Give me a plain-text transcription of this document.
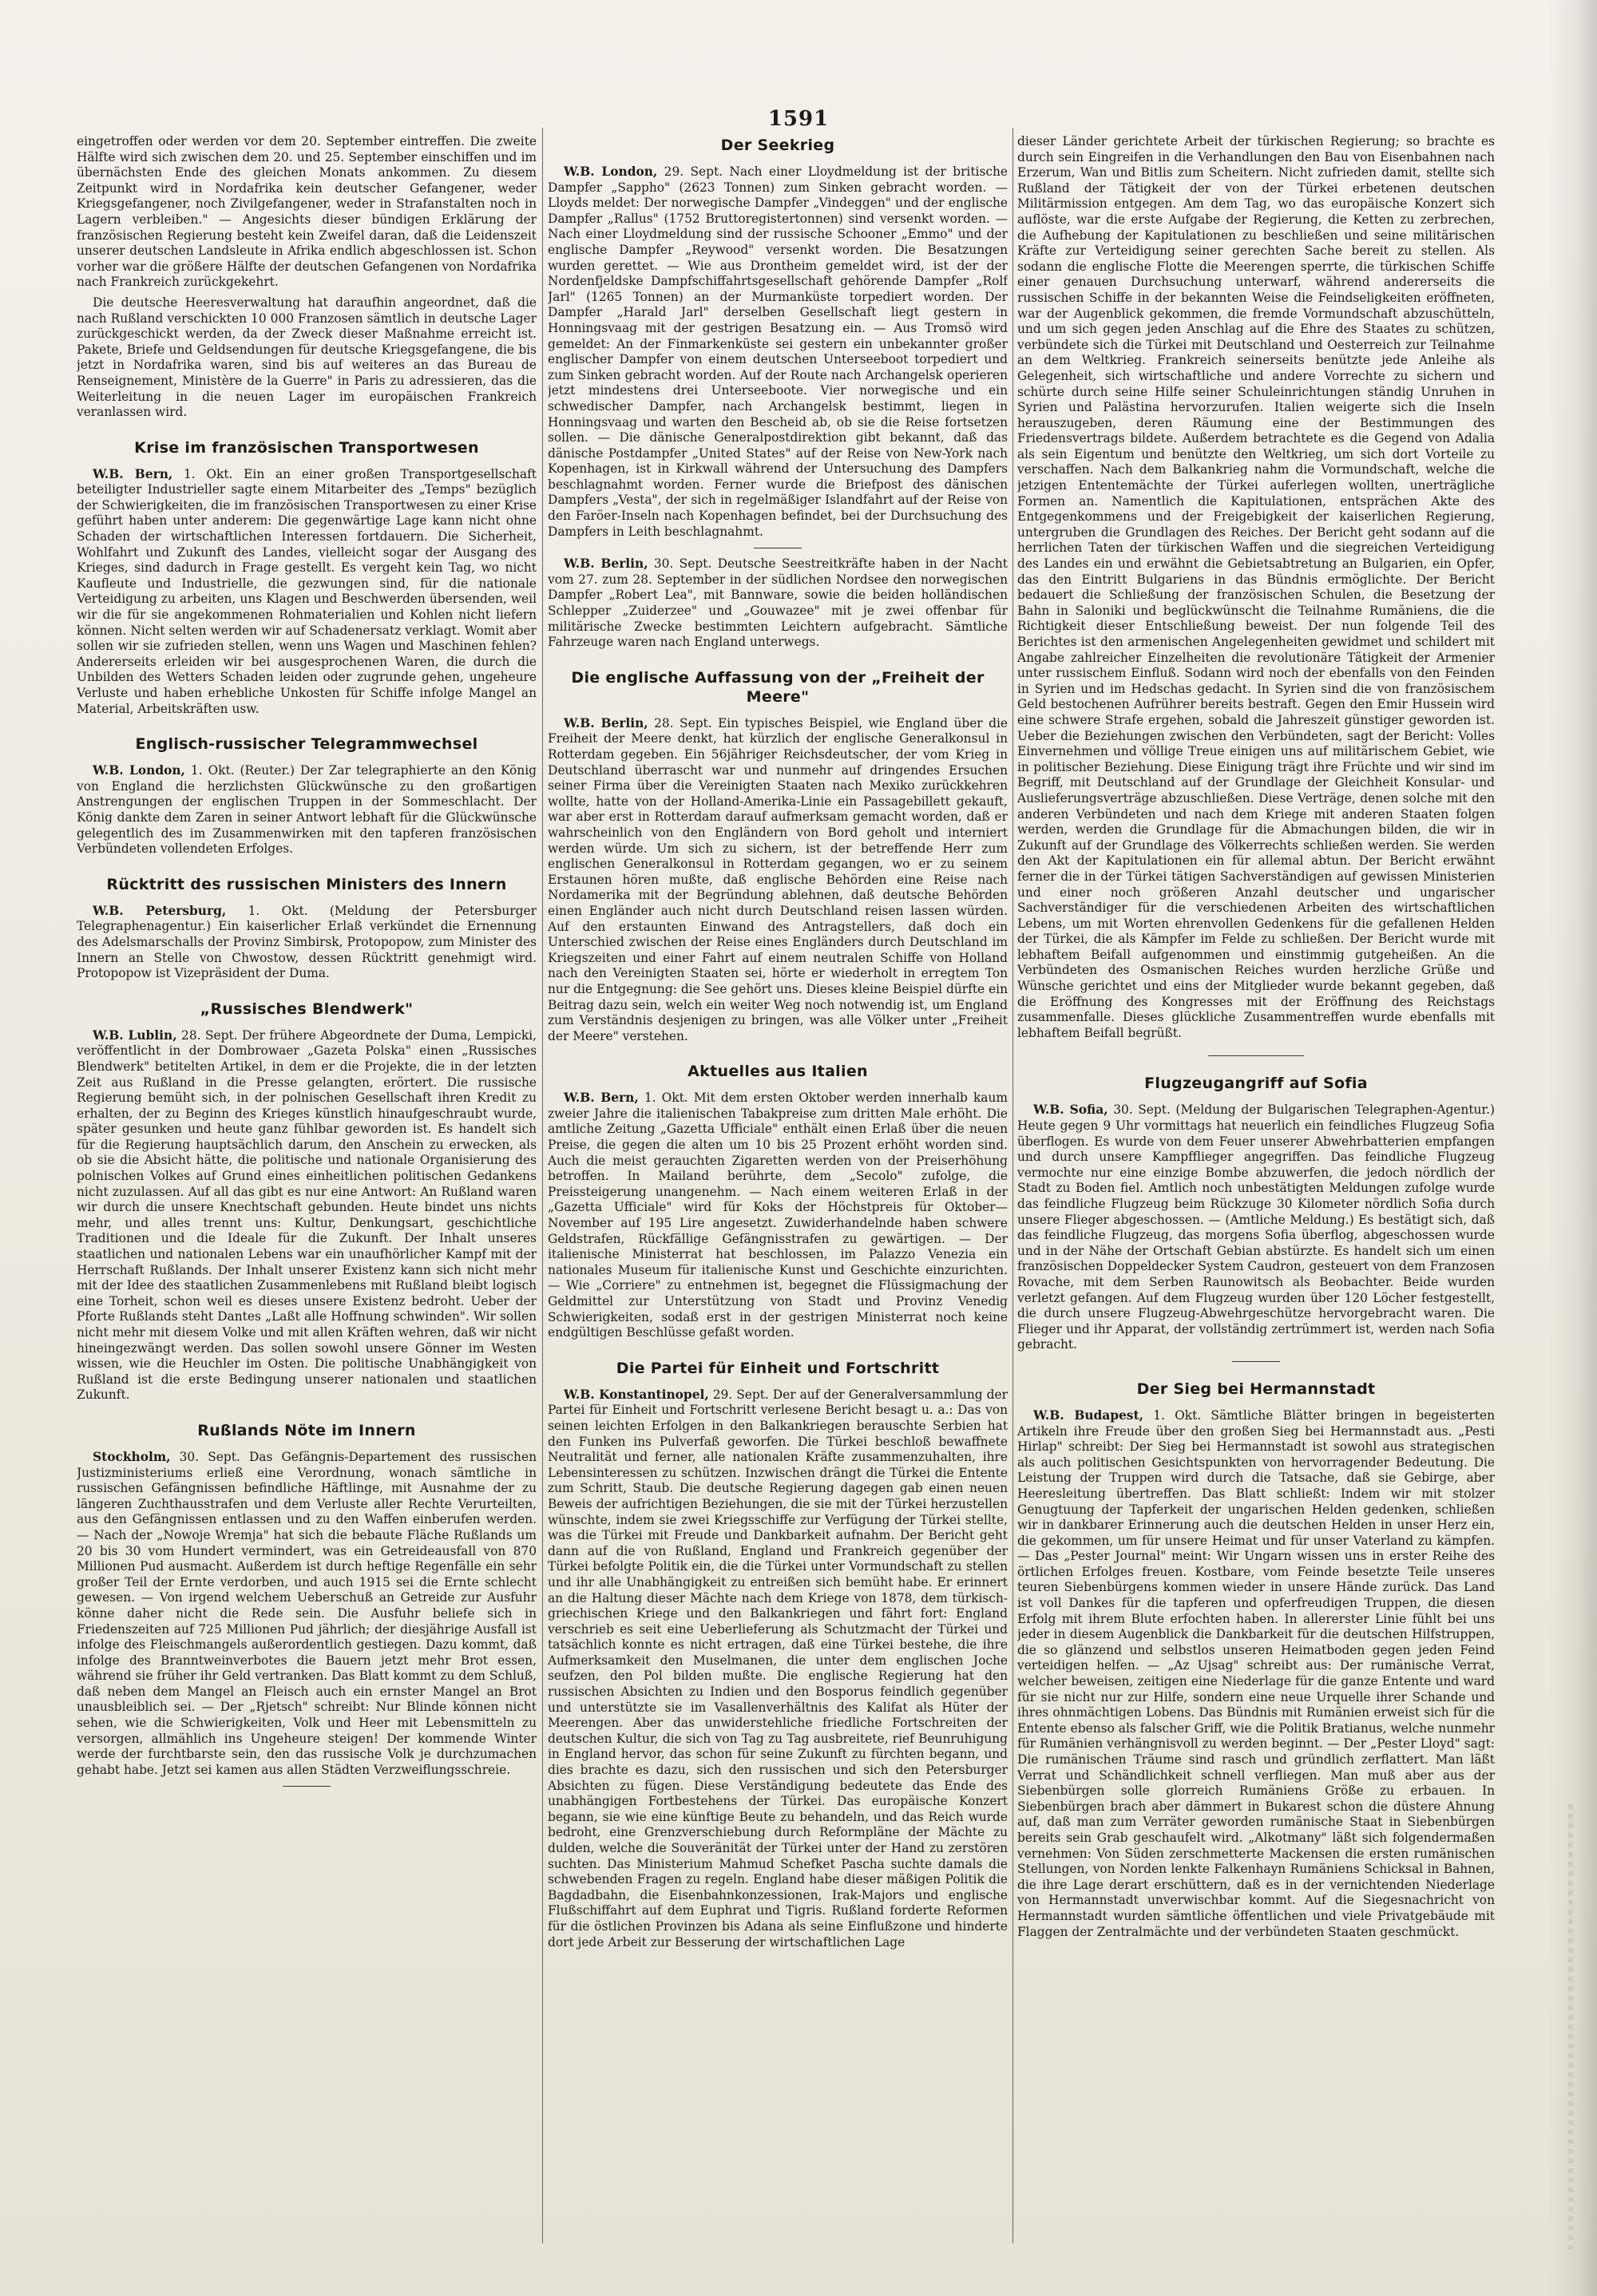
1591

eingetroffen oder werden vor dem 20. September eintreffen. Die zweite Hälfte wird sich zwischen dem 20. und 25. September einschiffen und im übernächsten Ende des gleichen Monats ankommen. Zu diesem Zeitpunkt wird in Nordafrika kein deutscher Gefangener, weder Kriegsgefangener, noch Zivilgefangener, weder in Strafanstalten noch in Lagern verbleiben." — Angesichts dieser bündigen Erklärung der französischen Regierung besteht kein Zweifel daran, daß die Leidenszeit unserer deutschen Landsleute in Afrika endlich abgeschlossen ist. Schon vorher war die größere Hälfte der deutschen Gefangenen von Nordafrika nach Frankreich zurückgekehrt.

Die deutsche Heeresverwaltung hat daraufhin angeordnet, daß die nach Rußland verschickten 10 000 Franzosen sämtlich in deutsche Lager zurückgeschickt werden, da der Zweck dieser Maßnahme erreicht ist. Pakete, Briefe und Geldsendungen für deutsche Kriegsgefangene, die bis jetzt in Nordafrika waren, sind bis auf weiteres an das Bureau de Renseignement, Ministère de la Guerre" in Paris zu adressieren, das die Weiterleitung in die neuen Lager im europäischen Frankreich veranlassen wird.

Krise im französischen Transportwesen

W.B. Bern, 1. Okt. Ein an einer großen Transportgesellschaft beteiligter Industrieller sagte einem Mitarbeiter des „Temps" bezüglich der Schwierigkeiten, die im französischen Transportwesen zu einer Krise geführt haben unter anderem: Die gegenwärtige Lage kann nicht ohne Schaden der wirtschaftlichen Interessen fortdauern. Die Sicherheit, Wohlfahrt und Zukunft des Landes, vielleicht sogar der Ausgang des Krieges, sind dadurch in Frage gestellt. Es vergeht kein Tag, wo nicht Kaufleute und Industrielle, die gezwungen sind, für die nationale Verteidigung zu arbeiten, uns Klagen und Beschwerden übersenden, weil wir die für sie angekommenen Rohmaterialien und Kohlen nicht liefern können. Nicht selten werden wir auf Schadenersatz verklagt. Womit aber sollen wir sie zufrieden stellen, wenn uns Wagen und Maschinen fehlen? Andererseits erleiden wir bei ausgesprochenen Waren, die durch die Unbilden des Wetters Schaden leiden oder zugrunde gehen, ungeheure Verluste und haben erhebliche Unkosten für Schiffe infolge Mangel an Material, Arbeitskräften usw.

Englisch-russischer Telegrammwechsel

W.B. London, 1. Okt. (Reuter.) Der Zar telegraphierte an den König von England die herzlichsten Glückwünsche zu den großartigen Anstrengungen der englischen Truppen in der Sommeschlacht. Der König dankte dem Zaren in seiner Antwort lebhaft für die Glückwünsche gelegentlich des im Zusammenwirken mit den tapferen französischen Verbündeten vollendeten Erfolges.

Rücktritt des russischen Ministers des Innern

W.B. Petersburg, 1. Okt. (Meldung der Petersburger Telegraphenagentur.) Ein kaiserlicher Erlaß verkündet die Ernennung des Adelsmarschalls der Provinz Simbirsk, Protopopow, zum Minister des Innern an Stelle von Chwostow, dessen Rücktritt genehmigt wird. Protopopow ist Vizepräsident der Duma.

„Russisches Blendwerk"

W.B. Lublin, 28. Sept. Der frühere Abgeordnete der Duma, Lempicki, veröffentlicht in der Dombrowaer „Gazeta Polska" einen „Russisches Blendwerk" betitelten Artikel, in dem er die Projekte, die in der letzten Zeit aus Rußland in die Presse gelangten, erörtert. Die russische Regierung bemüht sich, in der polnischen Gesellschaft ihren Kredit zu erhalten, der zu Beginn des Krieges künstlich hinaufgeschraubt wurde, später gesunken und heute ganz fühlbar geworden ist. Es handelt sich für die Regierung hauptsächlich darum, den Anschein zu erwecken, als ob sie die Absicht hätte, die politische und nationale Organisierung des polnischen Volkes auf Grund eines einheitlichen politischen Gedankens nicht zuzulassen. Auf all das gibt es nur eine Antwort: An Rußland waren wir durch die unsere Knechtschaft gebunden. Heute bindet uns nichts mehr, und alles trennt uns: Kultur, Denkungsart, geschichtliche Traditionen und die Ideale für die Zukunft. Der Inhalt unseres staatlichen und nationalen Lebens war ein unaufhörlicher Kampf mit der Herrschaft Rußlands. Der Inhalt unserer Existenz kann sich nicht mehr mit der Idee des staatlichen Zusammenlebens mit Rußland bleibt logisch eine Torheit, schon weil es dieses unsere Existenz bedroht. Ueber der Pforte Rußlands steht Dantes „Laßt alle Hoffnung schwinden". Wir sollen nicht mehr mit diesem Volke und mit allen Kräften wehren, daß wir nicht hineingezwängt werden. Das sollen sowohl unsere Gönner im Westen wissen, wie die Heuchler im Osten. Die politische Unabhängigkeit von Rußland ist die erste Bedingung unserer nationalen und staatlichen Zukunft.

Rußlands Nöte im Innern

Stockholm, 30. Sept. Das Gefängnis-Departement des russischen Justizministeriums erließ eine Verordnung, wonach sämtliche in russischen Gefängnissen befindliche Häftlinge, mit Ausnahme der zu längeren Zuchthausstrafen und dem Verluste aller Rechte Verurteilten, aus den Gefängnissen entlassen und zu den Waffen einberufen werden. — Nach der „Nowoje Wremja" hat sich die bebaute Fläche Rußlands um 20 bis 30 vom Hundert vermindert, was ein Getreideausfall von 870 Millionen Pud ausmacht. Außerdem ist durch heftige Regenfälle ein sehr großer Teil der Ernte verdorben, und auch 1915 sei die Ernte schlecht gewesen. — Von irgend welchem Ueberschuß an Getreide zur Ausfuhr könne daher nicht die Rede sein. Die Ausfuhr beliefe sich in Friedenszeiten auf 725 Millionen Pud jährlich; der diesjährige Ausfall ist infolge des Fleischmangels außerordentlich gestiegen. Dazu kommt, daß infolge des Branntweinverbotes die Bauern jetzt mehr Brot essen, während sie früher ihr Geld vertranken. Das Blatt kommt zu dem Schluß, daß neben dem Mangel an Fleisch auch ein ernster Mangel an Brot unausbleiblich sei. — Der „Rjetsch" schreibt: Nur Blinde können nicht sehen, wie die Schwierigkeiten, Volk und Heer mit Lebensmitteln zu versorgen, allmählich ins Ungeheure steigen! Der kommende Winter werde der furchtbarste sein, den das russische Volk je durchzumachen gehabt habe. Jetzt sei kamen aus allen Städten Verzweiflungsschreie.

Der Seekrieg

W.B. London, 29. Sept. Nach einer Lloydmeldung ist der britische Dampfer „Sappho" (2623 Tonnen) zum Sinken gebracht worden. — Lloyds meldet: Der norwegische Dampfer „Vindeggen" und der englische Dampfer „Rallus" (1752 Bruttoregistertonnen) sind versenkt worden. — Nach einer Lloydmeldung sind der russische Schooner „Emmo" und der englische Dampfer „Reywood" versenkt worden. Die Besatzungen wurden gerettet. — Wie aus Drontheim gemeldet wird, ist der der Nordenfjeldske Dampfschiffahrtsgesellschaft gehörende Dampfer „Rolf Jarl" (1265 Tonnen) an der Murmanküste torpediert worden. Der Dampfer „Harald Jarl" derselben Gesellschaft liegt gestern in Honningsvaag mit der gestrigen Besatzung ein. — Aus Tromsö wird gemeldet: An der Finmarkenküste sei gestern ein unbekannter großer englischer Dampfer von einem deutschen Unterseeboot torpediert und zum Sinken gebracht worden. Auf der Route nach Archangelsk operieren jetzt mindestens drei Unterseeboote. Vier norwegische und ein schwedischer Dampfer, nach Archangelsk bestimmt, liegen in Honningsvaag und warten den Bescheid ab, ob sie die Reise fortsetzen sollen. — Die dänische Generalpostdirektion gibt bekannt, daß das dänische Postdampfer „United States" auf der Reise von New-York nach Kopenhagen, ist in Kirkwall während der Untersuchung des Dampfers beschlagnahmt worden. Ferner wurde die Briefpost des dänischen Dampfers „Vesta", der sich in regelmäßiger Islandfahrt auf der Reise von den Faröer-Inseln nach Kopenhagen befindet, bei der Durchsuchung des Dampfers in Leith beschlagnahmt.

W.B. Berlin, 30. Sept. Deutsche Seestreitkräfte haben in der Nacht vom 27. zum 28. September in der südlichen Nordsee den norwegischen Dampfer „Robert Lea", mit Bannware, sowie die beiden holländischen Schlepper „Zuiderzee" und „Gouwazee" mit je zwei offenbar für militärische Zwecke bestimmten Leichtern aufgebracht. Sämtliche Fahrzeuge waren nach England unterwegs.

Die englische Auffassung von der „Freiheit der Meere"

W.B. Berlin, 28. Sept. Ein typisches Beispiel, wie England über die Freiheit der Meere denkt, hat kürzlich der englische Generalkonsul in Rotterdam gegeben. Ein 56jähriger Reichsdeutscher, der vom Krieg in Deutschland überrascht war und nunmehr auf dringendes Ersuchen seiner Firma über die Vereinigten Staaten nach Mexiko zurückkehren wollte, hatte von der Holland-Amerika-Linie ein Passagebillett gekauft, war aber erst in Rotterdam darauf aufmerksam gemacht worden, daß er wahrscheinlich von den Engländern von Bord geholt und interniert werden würde. Um sich zu sichern, ist der betreffende Herr zum englischen Generalkonsul in Rotterdam gegangen, wo er zu seinem Erstaunen hören mußte, daß englische Behörden eine Reise nach Nordamerika mit der Begründung ablehnen, daß deutsche Behörden einen Engländer auch nicht durch Deutschland reisen lassen würden. Auf den erstaunten Einwand des Antragstellers, daß doch ein Unterschied zwischen der Reise eines Engländers durch Deutschland im Kriegszeiten und einer Fahrt auf einem neutralen Schiffe von Holland nach den Vereinigten Staaten sei, hörte er wiederholt in erregtem Ton nur die Entgegnung: die See gehört uns. Dieses kleine Beispiel dürfte ein Beitrag dazu sein, welch ein weiter Weg noch notwendig ist, um England zum Verständnis desjenigen zu bringen, was alle Völker unter „Freiheit der Meere" verstehen.

Aktuelles aus Italien

W.B. Bern, 1. Okt. Mit dem ersten Oktober werden innerhalb kaum zweier Jahre die italienischen Tabakpreise zum dritten Male erhöht. Die amtliche Zeitung „Gazetta Ufficiale" enthält einen Erlaß über die neuen Preise, die gegen die alten um 10 bis 25 Prozent erhöht worden sind. Auch die meist gerauchten Zigaretten werden von der Preiserhöhung betroffen. In Mailand berührte, dem „Secolo" zufolge, die Preissteigerung unangenehm. — Nach einem weiteren Erlaß in der „Gazetta Ufficiale" wird für Koks der Höchstpreis für Oktober—November auf 195 Lire angesetzt. Zuwiderhandelnde haben schwere Geldstrafen, Rückfällige Gefängnisstrafen zu gewärtigen. — Der italienische Ministerrat hat beschlossen, im Palazzo Venezia ein nationales Museum für italienische Kunst und Geschichte einzurichten. — Wie „Corriere" zu entnehmen ist, begegnet die Flüssigmachung der Geldmittel zur Unterstützung von Stadt und Provinz Venedig Schwierigkeiten, sodaß erst in der gestrigen Ministerrat noch keine endgültigen Beschlüsse gefaßt worden.

Die Partei für Einheit und Fortschritt

W.B. Konstantinopel, 29. Sept. Der auf der Generalversammlung der Partei für Einheit und Fortschritt verlesene Bericht besagt u. a.: Das von seinen leichten Erfolgen in den Balkankriegen berauschte Serbien hat den Funken ins Pulverfaß geworfen. Die Türkei beschloß bewaffnete Neutralität und ferner, alle nationalen Kräfte zusammenzuhalten, ihre Lebensinteressen zu schützen. Inzwischen drängt die Türkei die Entente zum Schritt, Staub. Die deutsche Regierung dagegen gab einen neuen Beweis der aufrichtigen Beziehungen, die sie mit der Türkei herzustellen wünschte, indem sie zwei Kriegsschiffe zur Verfügung der Türkei stellte, was die Türkei mit Freude und Dankbarkeit aufnahm. Der Bericht geht dann auf die von Rußland, England und Frankreich gegenüber der Türkei befolgte Politik ein, die die Türkei unter Vormundschaft zu stellen und ihr alle Unabhängigkeit zu entreißen sich bemüht habe. Er erinnert an die Haltung dieser Mächte nach dem Kriege von 1878, dem türkisch-griechischen Kriege und den Balkankriegen und fährt fort: England verschrieb es seit eine Ueberlieferung als Schutzmacht der Türkei und tatsächlich konnte es nicht ertragen, daß eine Türkei bestehe, die ihre Aufmerksamkeit den Muselmanen, die unter dem englischen Joche seufzen, den Pol bilden mußte. Die englische Regierung hat den russischen Absichten zu Indien und den Bosporus feindlich gegenüber und unterstützte sie im Vasallenverhältnis des Kalifat als Hüter der Meerengen. Aber das unwiderstehliche friedliche Fortschreiten der deutschen Kultur, die sich von Tag zu Tag ausbreitete, rief Beunruhigung in England hervor, das schon für seine Zukunft zu fürchten begann, und dies brachte es dazu, sich den russischen und sich den Petersburger Absichten zu fügen. Diese Verständigung bedeutete das Ende des unabhängigen Fortbestehens der Türkei. Das europäische Konzert begann, sie wie eine künftige Beute zu behandeln, und das Reich wurde bedroht, eine Grenzverschiebung durch Reformpläne der Mächte zu dulden, welche die Souveränität der Türkei unter der Hand zu zerstören suchten. Das Ministerium Mahmud Schefket Pascha suchte damals die schwebenden Fragen zu regeln. England habe dieser mäßigen Politik die Bagdadbahn, die Eisenbahnkonzessionen, Irak-Majors und englische Flußschiffahrt auf dem Euphrat und Tigris. Rußland forderte Reformen für die östlichen Provinzen bis Adana als seine Einflußzone und hinderte dort jede Arbeit zur Besserung der wirtschaftlichen Lage

dieser Länder gerichtete Arbeit der türkischen Regierung; so brachte es durch sein Eingreifen in die Verhandlungen den Bau von Eisenbahnen nach Erzerum, Wan und Bitlis zum Scheitern. Nicht zufrieden damit, stellte sich Rußland der Tätigkeit der von der Türkei erbetenen deutschen Militärmission entgegen. Am dem Tag, wo das europäische Konzert sich auflöste, war die erste Aufgabe der Regierung, die Ketten zu zerbrechen, die Aufhebung der Kapitulationen zu beschließen und seine militärischen Kräfte zur Verteidigung seiner gerechten Sache bereit zu stellen. Als sodann die englische Flotte die Meerengen sperrte, die türkischen Schiffe einer genauen Durchsuchung unterwarf, während andererseits die russischen Schiffe in der bekannten Weise die Feindseligkeiten eröffneten, war der Augenblick gekommen, die fremde Vormundschaft abzuschütteln, und um sich gegen jeden Anschlag auf die Ehre des Staates zu schützen, verbündete sich die Türkei mit Deutschland und Oesterreich zur Teilnahme an dem Weltkrieg. Frankreich seinerseits benützte jede Anleihe als Gelegenheit, sich wirtschaftliche und andere Vorrechte zu sichern und schürte durch seine Hilfe seiner Schuleinrichtungen ständig Unruhen in Syrien und Palästina hervorzurufen. Italien weigerte sich die Inseln herauszugeben, deren Räumung eine der Bestimmungen des Friedensvertrags bildete. Außerdem betrachtete es die Gegend von Adalia als sein Eigentum und benützte den Weltkrieg, um sich dort Vorteile zu verschaffen. Nach dem Balkankrieg nahm die Vormundschaft, welche die jetzigen Ententemächte der Türkei auferlegen wollten, unerträgliche Formen an. Namentlich die Kapitulationen, entsprächen Akte des Entgegenkommens und der Freigebigkeit der kaiserlichen Regierung, untergruben die Grundlagen des Reiches. Der Bericht geht sodann auf die herrlichen Taten der türkischen Waffen und die siegreichen Verteidigung des Landes ein und erwähnt die Gebietsabtretung an Bulgarien, ein Opfer, das den Eintritt Bulgariens in das Bündnis ermöglichte. Der Bericht bedauert die Schließung der französischen Schulen, die Besetzung der Bahn in Saloniki und beglückwünscht die Teilnahme Rumäniens, die die Richtigkeit dieser Entschließung beweist. Der nun folgende Teil des Berichtes ist den armenischen Angelegenheiten gewidmet und schildert mit Angabe zahlreicher Einzelheiten die revolutionäre Tätigkeit der Armenier unter russischem Einfluß. Sodann wird noch der ebenfalls von den Feinden in Syrien und im Hedschas gedacht. In Syrien sind die von französischem Geld bestochenen Aufrührer bereits bestraft. Gegen den Emir Hussein wird eine schwere Strafe ergehen, sobald die Jahreszeit günstiger geworden ist. Ueber die Beziehungen zwischen den Verbündeten, sagt der Bericht: Volles Einvernehmen und völlige Treue einigen uns auf militärischem Gebiet, wie in politischer Beziehung. Diese Einigung trägt ihre Früchte und wir sind im Begriff, mit Deutschland auf der Grundlage der Gleichheit Konsular- und Auslieferungsverträge abzuschließen. Diese Verträge, denen solche mit den anderen Verbündeten und nach dem Kriege mit anderen Staaten folgen werden, werden die Grundlage für die Abmachungen bilden, die wir in Zukunft auf der Grundlage des Völkerrechts schließen werden. Sie werden den Akt der Kapitulationen ein für allemal abtun. Der Bericht erwähnt ferner die in der Türkei tätigen Sachverständigen auf gewissen Ministerien und einer noch größeren Anzahl deutscher und ungarischer Sachverständiger für die verschiedenen Arbeiten des wirtschaftlichen Lebens, um mit Worten ehrenvollen Gedenkens für die gefallenen Helden der Türkei, die als Kämpfer im Felde zu schließen. Der Bericht wurde mit lebhaftem Beifall aufgenommen und einstimmig gutgeheißen. An die Verbündeten des Osmanischen Reiches wurden herzliche Grüße und Wünsche gerichtet und eins der Mitglieder wurde bekannt gegeben, daß die Eröffnung des Kongresses mit der Eröffnung des Reichstags zusammenfalle. Dieses glückliche Zusammentreffen wurde ebenfalls mit lebhaftem Beifall begrüßt.

Flugzeugangriff auf Sofia

W.B. Sofia, 30. Sept. (Meldung der Bulgarischen Telegraphen-Agentur.) Heute gegen 9 Uhr vormittags hat neuerlich ein feindliches Flugzeug Sofia überflogen. Es wurde von dem Feuer unserer Abwehrbatterien empfangen und durch unsere Kampfflieger angegriffen. Das feindliche Flugzeug vermochte nur eine einzige Bombe abzuwerfen, die jedoch nördlich der Stadt zu Boden fiel. Amtlich noch unbestätigten Meldungen zufolge wurde das feindliche Flugzeug beim Rückzuge 30 Kilometer nördlich Sofia durch unsere Flieger abgeschossen. — (Amtliche Meldung.) Es bestätigt sich, daß das feindliche Flugzeug, das morgens Sofia überflog, abgeschossen wurde und in der Nähe der Ortschaft Gebian abstürzte. Es handelt sich um einen französischen Doppeldecker System Caudron, gesteuert von dem Franzosen Rovache, mit dem Serben Raunowitsch als Beobachter. Beide wurden verletzt gefangen. Auf dem Flugzeug wurden über 120 Löcher festgestellt, die durch unsere Flugzeug-Abwehrgeschütze hervorgebracht waren. Die Flieger und ihr Apparat, der vollständig zertrümmert ist, werden nach Sofia gebracht.

Der Sieg bei Hermannstadt

W.B. Budapest, 1. Okt. Sämtliche Blätter bringen in begeisterten Artikeln ihre Freude über den großen Sieg bei Hermannstadt aus. „Pesti Hirlap" schreibt: Der Sieg bei Hermannstadt ist sowohl aus strategischen als auch politischen Gesichtspunkten von hervorragender Bedeutung. Die Leistung der Truppen wird durch die Tatsache, daß sie Gebirge, aber Heeresleitung übertreffen. Das Blatt schließt: Indem wir mit stolzer Genugtuung der Tapferkeit der ungarischen Helden gedenken, schließen wir in dankbarer Erinnerung auch die deutschen Helden in unser Herz ein, die gekommen, um für unsere Heimat und für unser Vaterland zu kämpfen. — Das „Pester Journal" meint: Wir Ungarn wissen uns in erster Reihe des örtlichen Erfolges freuen. Kostbare, vom Feinde besetzte Teile unseres teuren Siebenbürgens kommen wieder in unsere Hände zurück. Das Land ist voll Dankes für die tapferen und opferfreudigen Truppen, die diesen Erfolg mit ihrem Blute erfochten haben. In allererster Linie fühlt bei uns jeder in diesem Augenblick die Dankbarkeit für die deutschen Hilfstruppen, die so glänzend und selbstlos unseren Heimatboden gegen jeden Feind verteidigen helfen. — „Az Ujsag" schreibt aus: Der rumänische Verrat, welcher beweisen, zeitigen eine Niederlage für die ganze Entente und ward für sie nicht nur zur Hilfe, sondern eine neue Urquelle ihrer Schande und ihres ohnmächtigen Lobens. Das Bündnis mit Rumänien erweist sich für die Entente ebenso als falscher Griff, wie die Politik Bratianus, welche nunmehr für Rumänien verhängnisvoll zu werden beginnt. — Der „Pester Lloyd" sagt: Die rumänischen Träume sind rasch und gründlich zerflattert. Man läßt Verrat und Schändlichkeit schnell verfliegen. Man muß aber aus der Siebenbürgen solle glorreich Rumäniens Größe zu erbauen. In Siebenbürgen brach aber dämmert in Bukarest schon die düstere Ahnung auf, daß man zum Verräter geworden rumänische Staat in Siebenbürgen bereits sein Grab geschaufelt wird. „Alkotmany" läßt sich folgendermaßen vernehmen: Von Süden zerschmetterte Mackensen die ersten rumänischen Stellungen, von Norden lenkte Falkenhayn Rumäniens Schicksal in Bahnen, die ihre Lage derart erschüttern, daß es in der vernichtenden Niederlage von Hermannstadt unverwischbar kommt. Auf die Siegesnachricht von Hermannstadt wurden sämtliche öffentlichen und viele Privatgebäude mit Flaggen der Zentralmächte und der verbündeten Staaten geschmückt.
